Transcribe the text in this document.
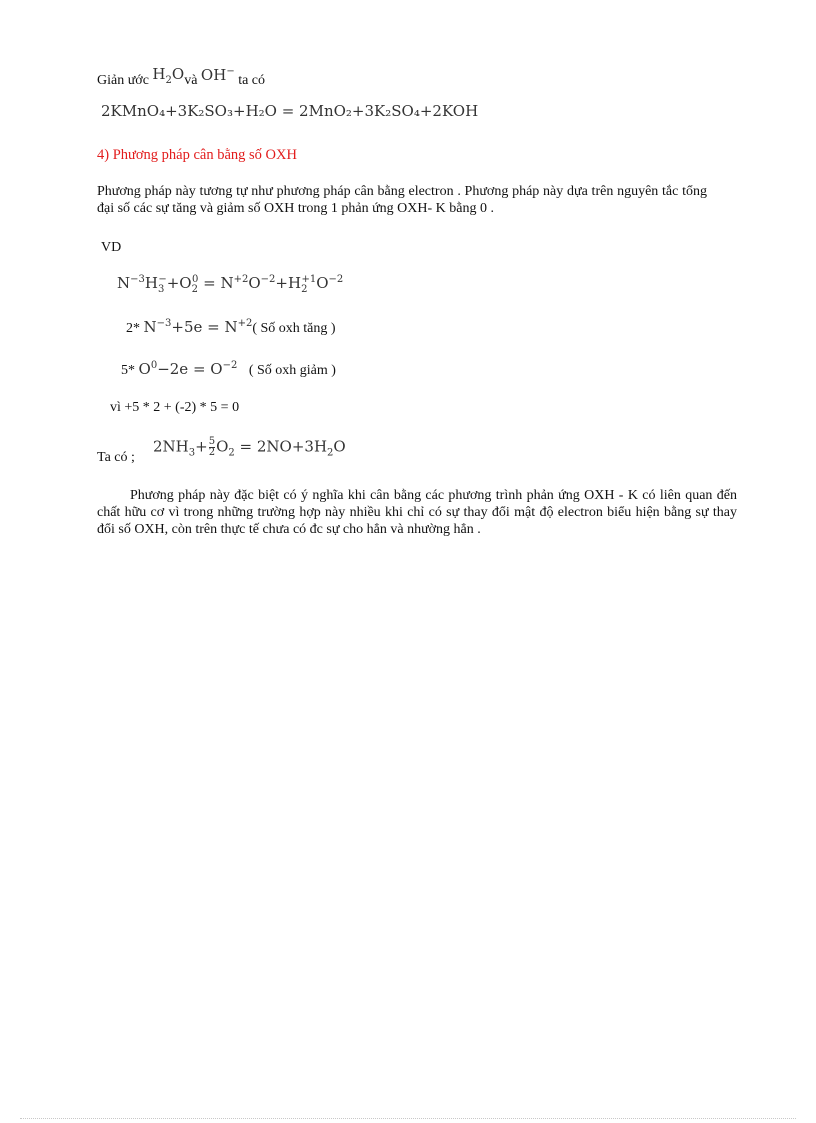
Giản ước $H_2Ovà$ OH− ta có
2KMnO₄+3K₂SO₃+H₂O = 2MnO₂+3K₂SO₄+2KOH
4) Phương pháp cân bằng số OXH
Phương pháp này tương tự như phương pháp cân bằng electron . Phương pháp này dựa trên nguyên tắc tổng đại số các sự tăng và giảm số OXH trong 1 phản ứng OXH- K bằng 0 .
VD
$N^{-3}H_3^-+O_2^0 = N^{+2}O^{-2}+H_2^{+1}O^{-2}$
2* $N^{-3}+5e = N^{+2}$( Số oxh tăng )
5* $O^0-2e = O^{-2}$ ( Số oxh giảm )
vì +5 * 2 + (-2) * 5 = 0
Ta có ;
$2NH_3+ \frac{5}{2} O_2 = 2NO+3H_2O$
Phương pháp này đặc biệt có ý nghĩa khi cân bằng các phương trình phản ứng OXH - K có liên quan đến chất hữu cơ vì trong những trường hợp này nhiều khi chỉ có sự thay đổi mật độ electron biểu hiện bằng sự thay đổi số OXH, còn trên thực tế chưa có đc sự cho hẳn và nhường hẳn .
